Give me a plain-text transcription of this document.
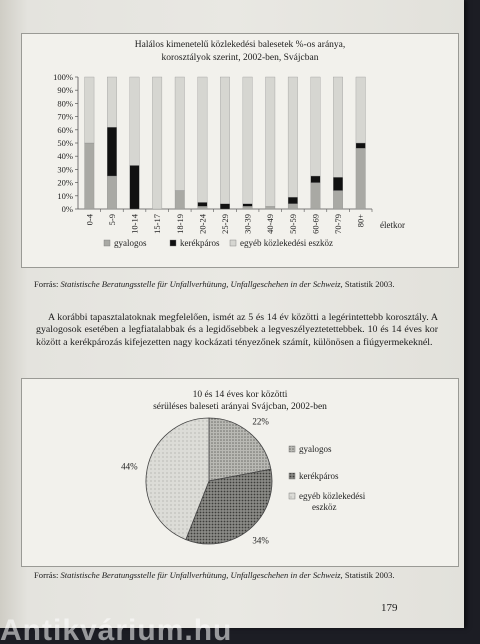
Halálos kimenetelű közlekedési balesetek %-os aránya,
korosztályok szerint, 2002-ben, Svájcban
0%
10%
20%
30%
40%
50%
60%
70%
80%
90%
100%
0-4 5-9 10-14 15-17 18-19 20-24 25-29 30-39 40-49 50-59 60-69 70-79 80+ életkor
gyalogos	kerékpáros egyéb közlekedési eszköz
Forrás: Statistische Beratungsstelle für Unfallverhütung, Unfallgeschehen in der Schweiz, Statistik 2003.
A korábbi tapasztalatoknak megfelelően, ismét az 5 és 14 év közötti a legérintettebb korosztály. A gyalogosok esetében a legfiatalabbak és a legidősebbek a legveszélyeztetettebbek. 10 és 14 éves kor között a kerékpározás kifejezetten nagy kockázati tényezőnek számít, különösen a fiúgyermekeknél.
10 és 14 éves kor közötti
sérüléses baleseti arányai Svájcban, 2002-ben
22%
34%
44%
gyalogos
kerékpáros
egyéb közlekedési
eszköz
Forrás: Statistische Beratungsstelle für Unfallverhütung, Unfallgeschehen in der Schweiz, Statistik 2003.
179
Antikvárium.hu
